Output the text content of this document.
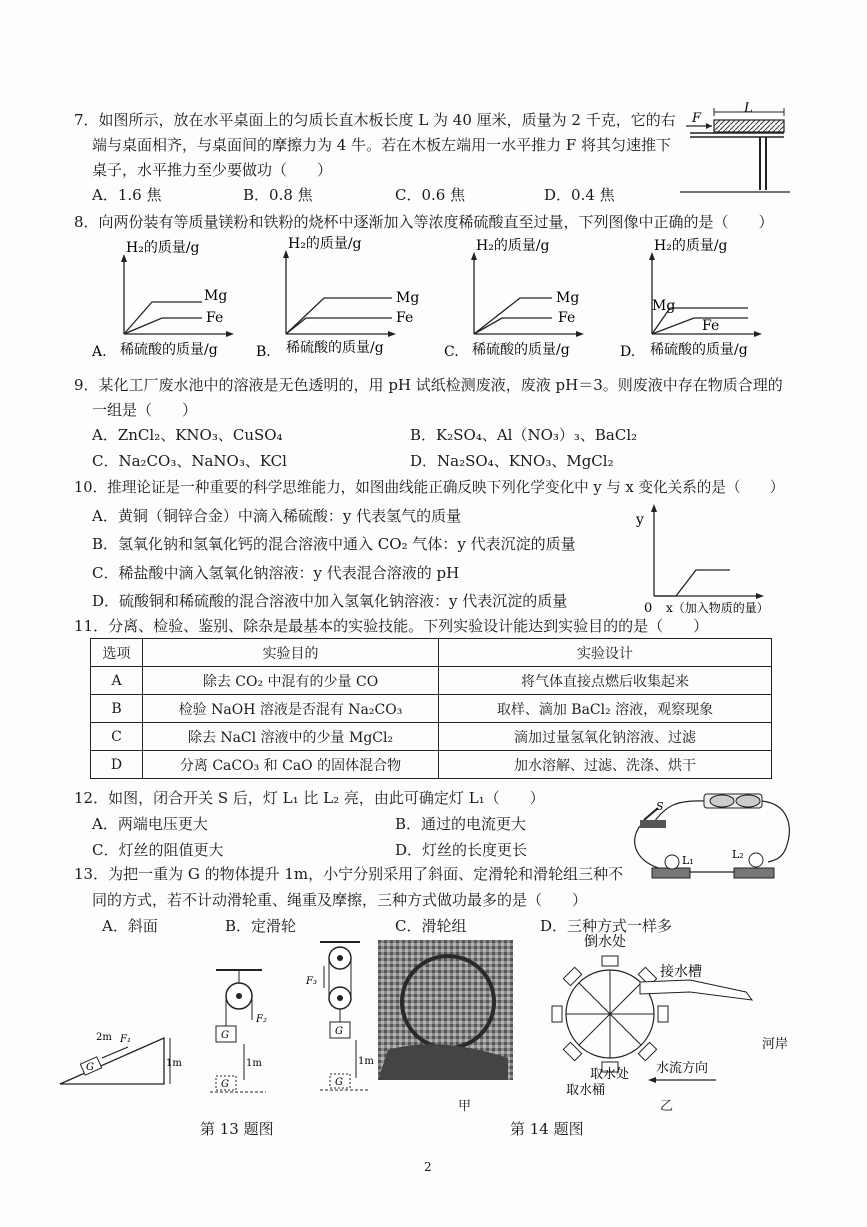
7．如图所示，放在水平桌面上的匀质长直木板长度 L 为 40 厘米，质量为 2 千克，它的右
端与桌面相齐，与桌面间的摩擦力为 4 牛。若在木板左端用一水平推力 F 将其匀速推下
桌子，水平推力至少要做功（　　）
A．1.6 焦	B．0.8 焦	C．0.6 焦	D．0.4 焦
L
F
8．向两份装有等质量镁粉和铁粉的烧杯中逐渐加入等浓度稀硫酸直至过量，下列图像中正确的是（　　）
H₂的质量/g
Mg
Fe
A. 稀硫酸的质量/g
H₂的质量/g
Mg
Fe
B. 稀硫酸的质量/g
H₂的质量/g
Mg
Fe
C. 稀硫酸的质量/g
H₂的质量/g
Mg
Fe
D. 稀硫酸的质量/g
9．某化工厂废水池中的溶液是无色透明的，用 pH 试纸检测废液，废液 pH＝3。则废液中存在物质合理的
一组是（　　）
A．ZnCl₂、KNO₃、CuSO₄	B．K₂SO₄、Al（NO₃）₃、BaCl₂
C．Na₂CO₃、NaNO₃、KCl	D．Na₂SO₄、KNO₃、MgCl₂
10．推理论证是一种重要的科学思维能力，如图曲线能正确反映下列化学变化中 y 与 x 变化关系的是（　　）
A．黄铜（铜锌合金）中滴入稀硫酸：y 代表氢气的质量
B．氢氧化钠和氢氧化钙的混合溶液中通入 CO₂ 气体：y 代表沉淀的质量
C．稀盐酸中滴入氢氧化钠溶液：y 代表混合溶液的 pH
D．硫酸铜和稀硫酸的混合溶液中加入氢氧化钠溶液：y 代表沉淀的质量
y
0 x（加入物质的量）
11．分离、检验、鉴别、除杂是最基本的实验技能。下列实验设计能达到实验目的的是（　　）
选项	实验目的	实验设计
A	除去 CO₂ 中混有的少量 CO	将气体直接点燃后收集起来
B	检验 NaOH 溶液是否混有 Na₂CO₃	取样、滴加 BaCl₂ 溶液，观察现象
C	除去 NaCl 溶液中的少量 MgCl₂	滴加过量氢氧化钠溶液、过滤
D	分离 CaCO₃ 和 CaO 的固体混合物	加水溶解、过滤、洗涤、烘干
12．如图，闭合开关 S 后，灯 L₁ 比 L₂ 亮，由此可确定灯 L₁（　　）
A．两端电压更大	B．通过的电流更大
C．灯丝的阻值更大	D．灯丝的长度更长
S
L₁	L₂
13．为把一重为 G 的物体提升 1m，小宁分别采用了斜面、定滑轮和滑轮组三种不
同的方式，若不计动滑轮重、绳重及摩擦，三种方式做功最多的是（　　）
A．斜面	B．定滑轮	C．滑轮组	D．三种方式一样多
G
F₁
2m
1m
F₂
G
1m
G
F₃
G
1m
G
倒水处
接水槽
河岸
水流方向
取水处
取水桶
甲	乙
第 13 题图	第 14 题图
2
